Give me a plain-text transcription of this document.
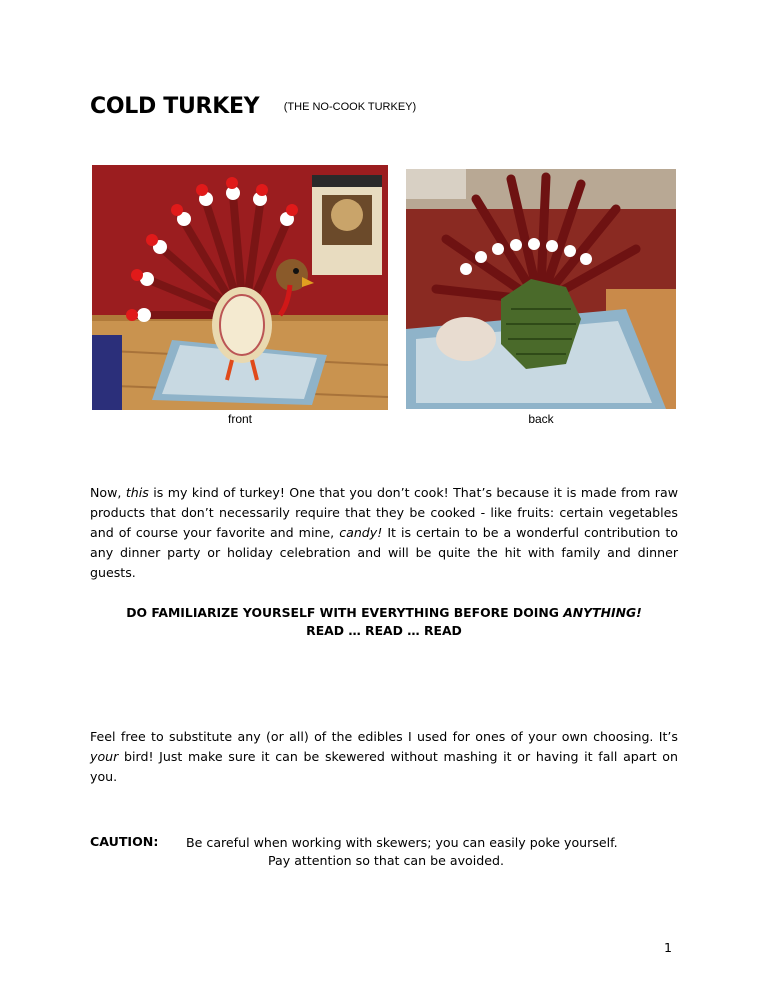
COLD TURKEY (THE NO-COOK TURKEY)
front	back
Now, this is my kind of turkey! One that you don’t cook! That’s because it is made from raw products that don’t necessarily require that they be cooked - like fruits: certain vegetables and of course your favorite and mine, candy! It is certain to be a wonderful contribution to any dinner party or holiday celebration and will be quite the hit with family and dinner guests.
DO FAMILIARIZE YOURSELF WITH EVERYTHING BEFORE DOING ANYTHING!
READ … READ … READ
Feel free to substitute any (or all) of the edibles I used for ones of your own choosing. It’s your bird! Just make sure it can be skewered without mashing it or having it fall apart on you.
CAUTION: Be careful when working with skewers; you can easily poke yourself.
Pay attention so that can be avoided.
1
